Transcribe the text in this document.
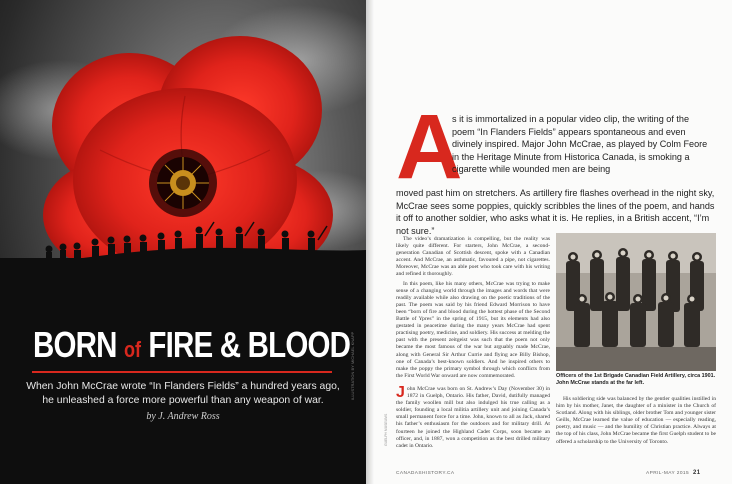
BORN of FIRE & BLOOD
When John McCrae wrote “In Flanders Fields” a hundred years ago, he unleashed a force more powerful than any weapon of war.
by J. Andrew Ross
ILLUSTRATION BY MICHAEL KNAPP
A
s it is immortalized in a popular video clip, the writing of the poem “In Flanders Fields” appears spontaneous and even divinely inspired. Major John McCrae, as played by Colm Feore in the Heritage Minute from Historica Canada, is smoking a cigarette while wounded men are being
moved past him on stretchers. As artillery fire flashes overhead in the night sky, McCrae sees some poppies, quickly scribbles the lines of the poem, and hands it off to another soldier, who asks what it is. He replies, in a British accent, “I’m not sure.”

The video’s dramatization is compelling, but the reality was likely quite different. For starters, John McCrae, a second-generation Canadian of Scottish descent, spoke with a Canadian accent. And McCrae, an asthmatic, favoured a pipe, not cigarettes. Moreover, McCrae was an able poet who took care with his writing and refined it thoroughly.

In this poem, like his many others, McCrae was trying to make sense of a changing world through the images and words that were readily available while also drawing on the poetic traditions of the past. The poem was said by his friend Edward Morrison to have been “born of fire and blood during the hottest phase of the Second Battle of Ypres” in the spring of 1915, but its elements had also gestated in peacetime during the many years McCrae had spent practising poetry, medicine, and soldiery. His success at melding the past with the present zeitgeist was such that the poem not only became the most famous of the war but arguably made McCrae, along with General Sir Arthur Currie and flying ace Billy Bishop, one of Canada’s best-known soldiers. And he inspired others to make the poppy the primary symbol through which conflicts from the First World War onward are now commemorated.

John McCrae was born on St. Andrew’s Day (November 30) in 1872 in Guelph, Ontario. His father, David, dutifully managed the family woollen mill but also indulged his true calling as a soldier, founding a local militia artillery unit and joining Canada’s small permanent force for a time. John, known to all as Jack, shared his father’s enthusiasm for the outdoors and for military drill. At fourteen he joined the Highland Cadet Corps, soon became an officer, and, in 1887, won a competition as the best drilled military cadet in Ontario.
Officers of the 1st Brigade Canadian Field Artillery, circa 1901. John McCrae stands at the far left.

His soldiering side was balanced by the gentler qualities instilled in him by his mother, Janet, the daughter of a minister in the Church of Scotland. Along with his siblings, older brother Tom and younger sister Geills, McCrae learned the value of education — especially reading, poetry, and music — and the humility of Christian practice. Always at the top of his class, John McCrae became the first Guelph student to be offered a scholarship to the University of Toronto.

GUELPH MUSEUMS
CANADASHISTORY.CA	APRIL-MAY 2015 21
